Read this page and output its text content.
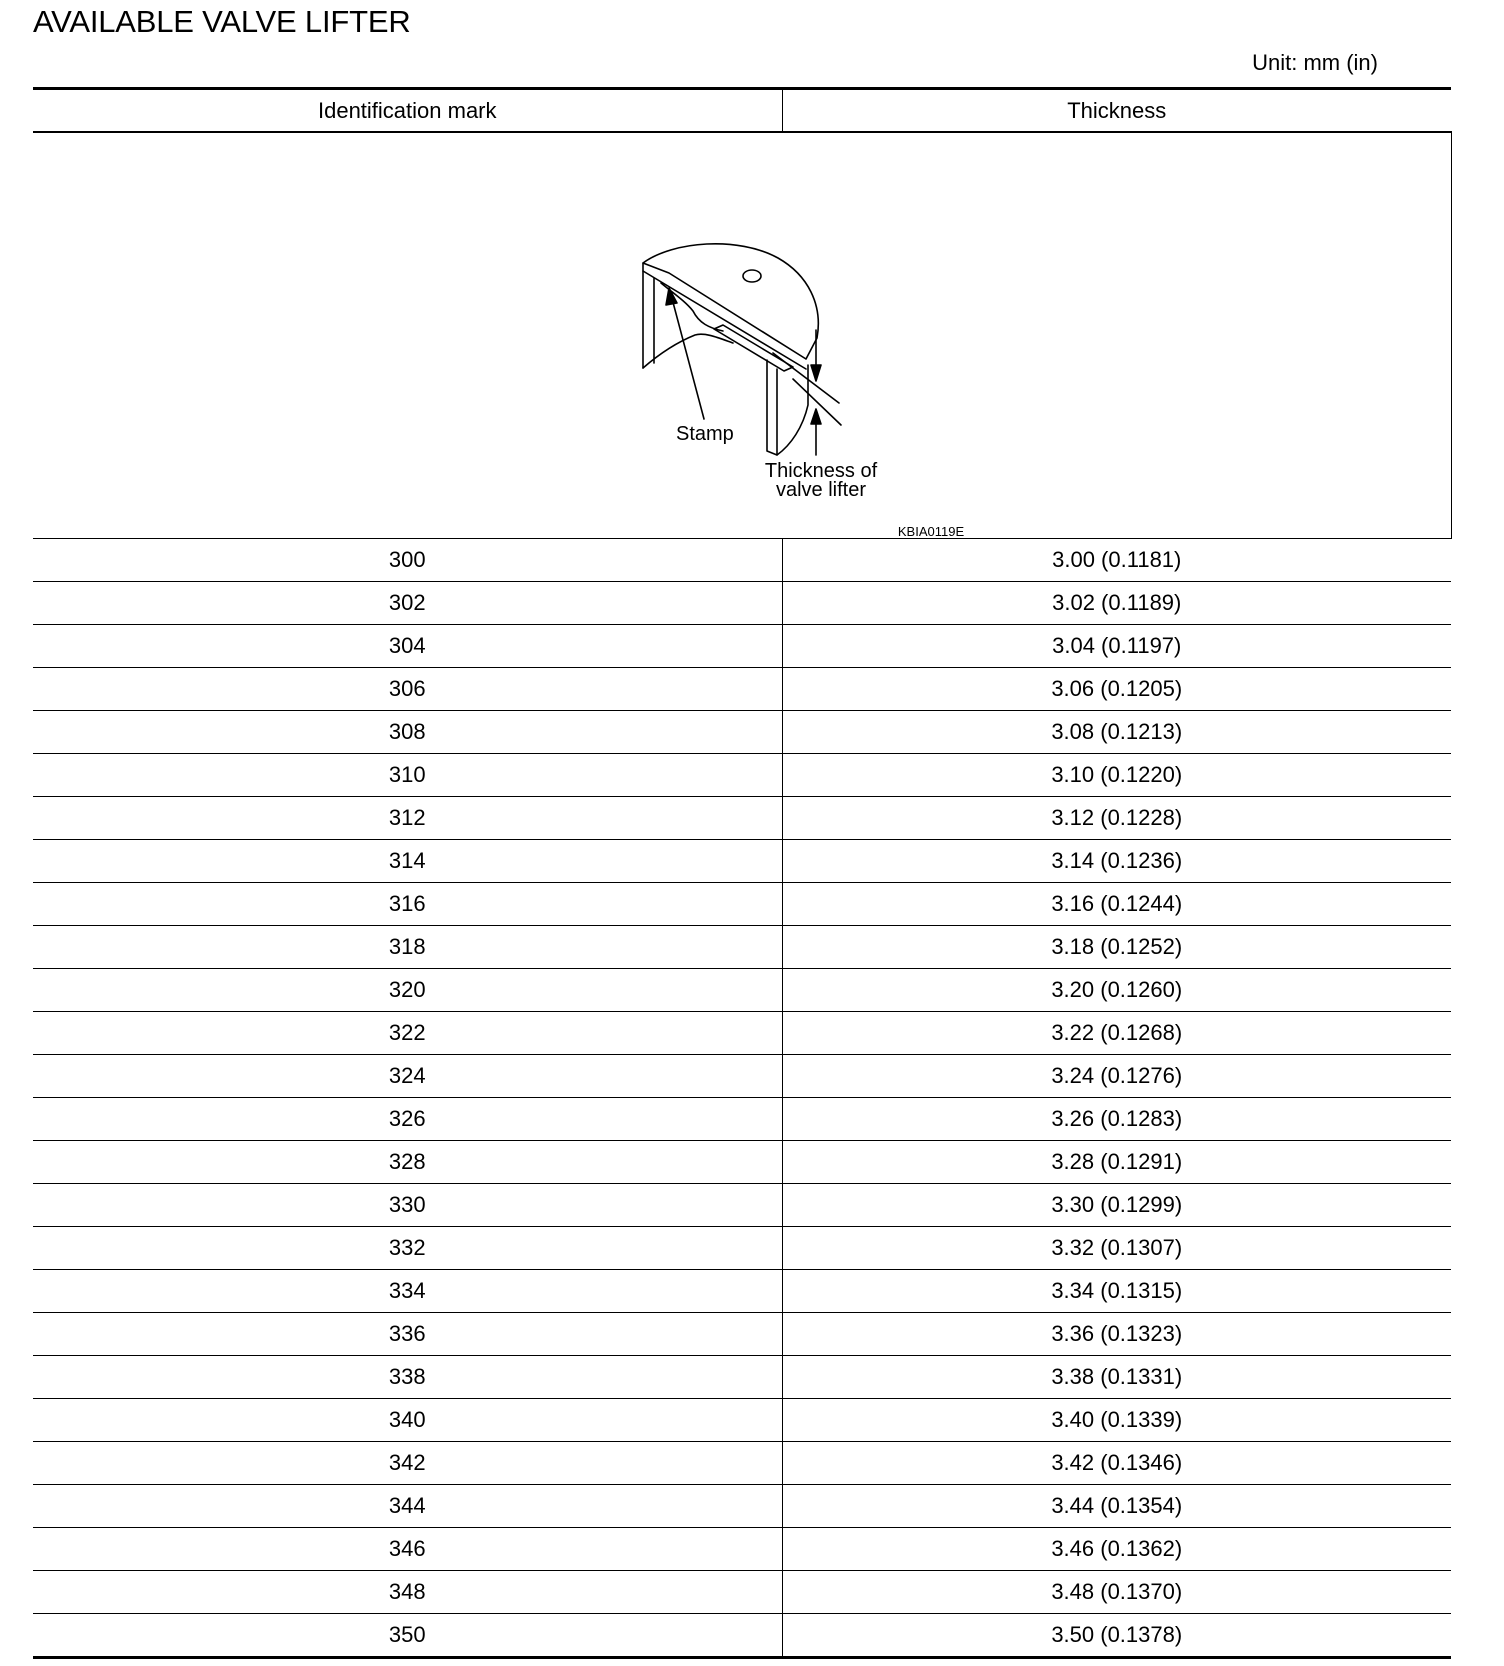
AVAILABLE VALVE LIFTER
Unit: mm (in)
Identification mark	Thickness

Stamp
Thickness of
valve lifter
KBIA0119E	

300	3.00 (0.1181)
302	3.02 (0.1189)
304	3.04 (0.1197)
306	3.06 (0.1205)
308	3.08 (0.1213)
310	3.10 (0.1220)
312	3.12 (0.1228)
314	3.14 (0.1236)
316	3.16 (0.1244)
318	3.18 (0.1252)
320	3.20 (0.1260)
322	3.22 (0.1268)
324	3.24 (0.1276)
326	3.26 (0.1283)
328	3.28 (0.1291)
330	3.30 (0.1299)
332	3.32 (0.1307)
334	3.34 (0.1315)
336	3.36 (0.1323)
338	3.38 (0.1331)
340	3.40 (0.1339)
342	3.42 (0.1346)
344	3.44 (0.1354)
346	3.46 (0.1362)
348	3.48 (0.1370)
350	3.50 (0.1378)
